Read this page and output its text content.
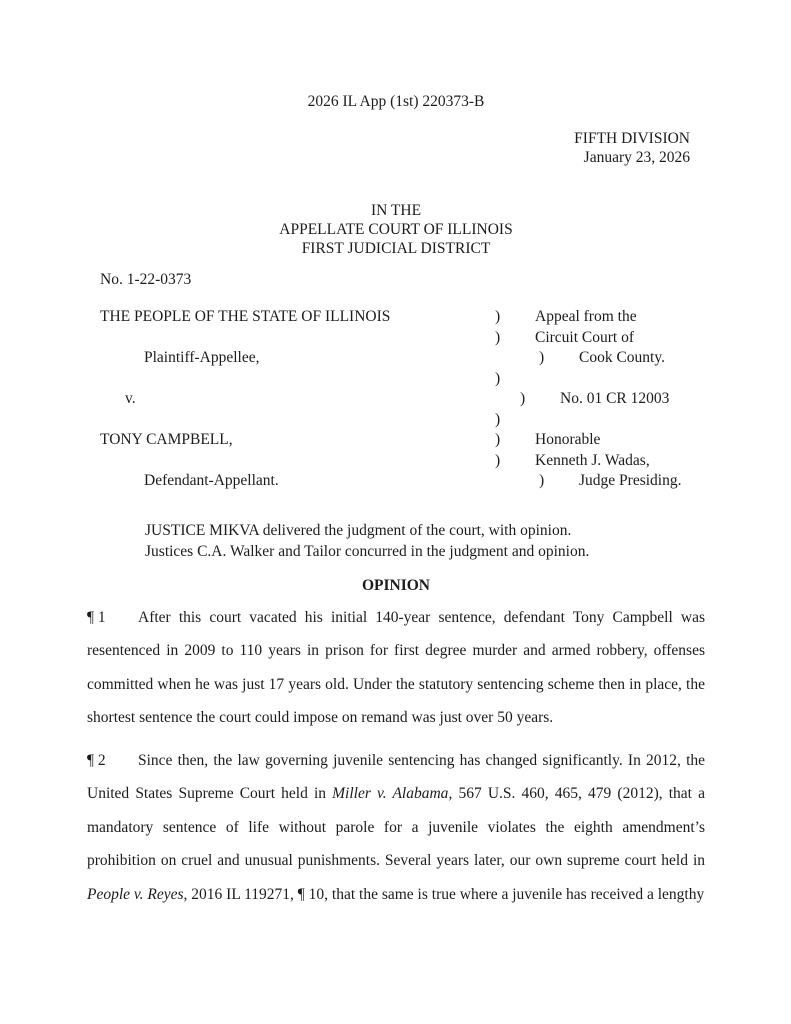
2026 IL App (1st) 220373-B
FIFTH DIVISION
January 23, 2026
IN THE
APPELLATE COURT OF ILLINOIS
FIRST JUDICIAL DISTRICT
No. 1-22-0373
THE PEOPLE OF THE STATE OF ILLINOIS	)	Appeal from the
)	Circuit Court of
Plaintiff-Appellee,	)	Cook County.
)
v.	)	No. 01 CR 12003
)
TONY CAMPBELL,	)	Honorable
)	Kenneth J. Wadas,
Defendant-Appellant.	)	Judge Presiding.
JUSTICE MIKVA delivered the judgment of the court, with opinion.
Justices C.A. Walker and Tailor concurred in the judgment and opinion.
OPINION
¶ 1 After this court vacated his initial 140-year sentence, defendant Tony Campbell was resentenced in 2009 to 110 years in prison for first degree murder and armed robbery, offenses committed when he was just 17 years old. Under the statutory sentencing scheme then in place, the shortest sentence the court could impose on remand was just over 50 years.
¶ 2 Since then, the law governing juvenile sentencing has changed significantly. In 2012, the United States Supreme Court held in Miller v. Alabama, 567 U.S. 460, 465, 479 (2012), that a mandatory sentence of life without parole for a juvenile violates the eighth amendment’s prohibition on cruel and unusual punishments. Several years later, our own supreme court held in People v. Reyes, 2016 IL 119271, ¶ 10, that the same is true where a juvenile has received a lengthy
